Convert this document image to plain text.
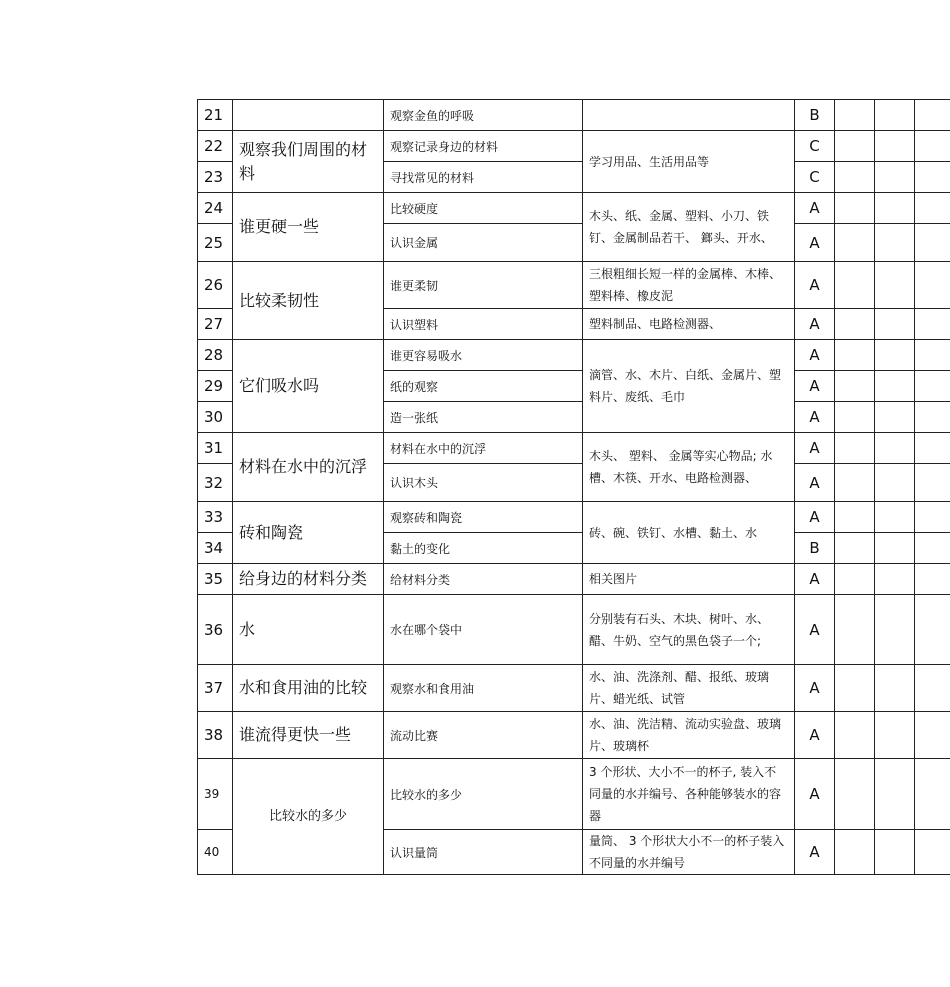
21		观察金鱼的呼吸		B			
22	观察我们周围的材料	观察记录身边的材料	学习用品、生活用品等	C			
23		寻找常见的材料		C			
24	谁更硬一些	比较硬度	木头、纸、金属、塑料、小刀、铁钉、金属制品若干、 鎯头、开水、	A			
25		认识金属		A			
26	比较柔韧性	谁更柔韧	三根粗细长短一样的金属棒、木棒、塑料棒、橡皮泥	A			
27		认识塑料	塑料制品、电路检测器、	A			
28	它们吸水吗	谁更容易吸水	滴管、水、木片、白纸、金属片、塑料片、废纸、毛巾	A			
29		纸的观察		A			
30		造一张纸		A			
31	材料在水中的沉浮	材料在水中的沉浮	木头、 塑料、 金属等实心物品; 水槽、木筷、开水、电路检测器、	A			
32		认识木头		A			
33	砖和陶瓷	观察砖和陶瓷	砖、碗、铁钉、水槽、黏土、水	A			
34		黏土的变化		B			
35	给身边的材料分类	给材料分类	相关图片	A			
36	水	水在哪个袋中	分别装有石头、木块、树叶、水、醋、牛奶、空气的黑色袋子一个;	A			
37	水和食用油的比较	观察水和食用油	水、油、洗涤剂、醋、报纸、玻璃片、蜡光纸、试管	A			
38	谁流得更快一些	流动比赛	水、油、洗洁精、流动实验盘、玻璃片、玻璃杯	A			
39	比较水的多少	比较水的多少	3 个形状、大小不一的杯子, 装入不同量的水并编号、各种能够装水的容器	A			
40		认识量筒	量筒、 3 个形状大小不一的杯子装入不同量的水并编号	A			
